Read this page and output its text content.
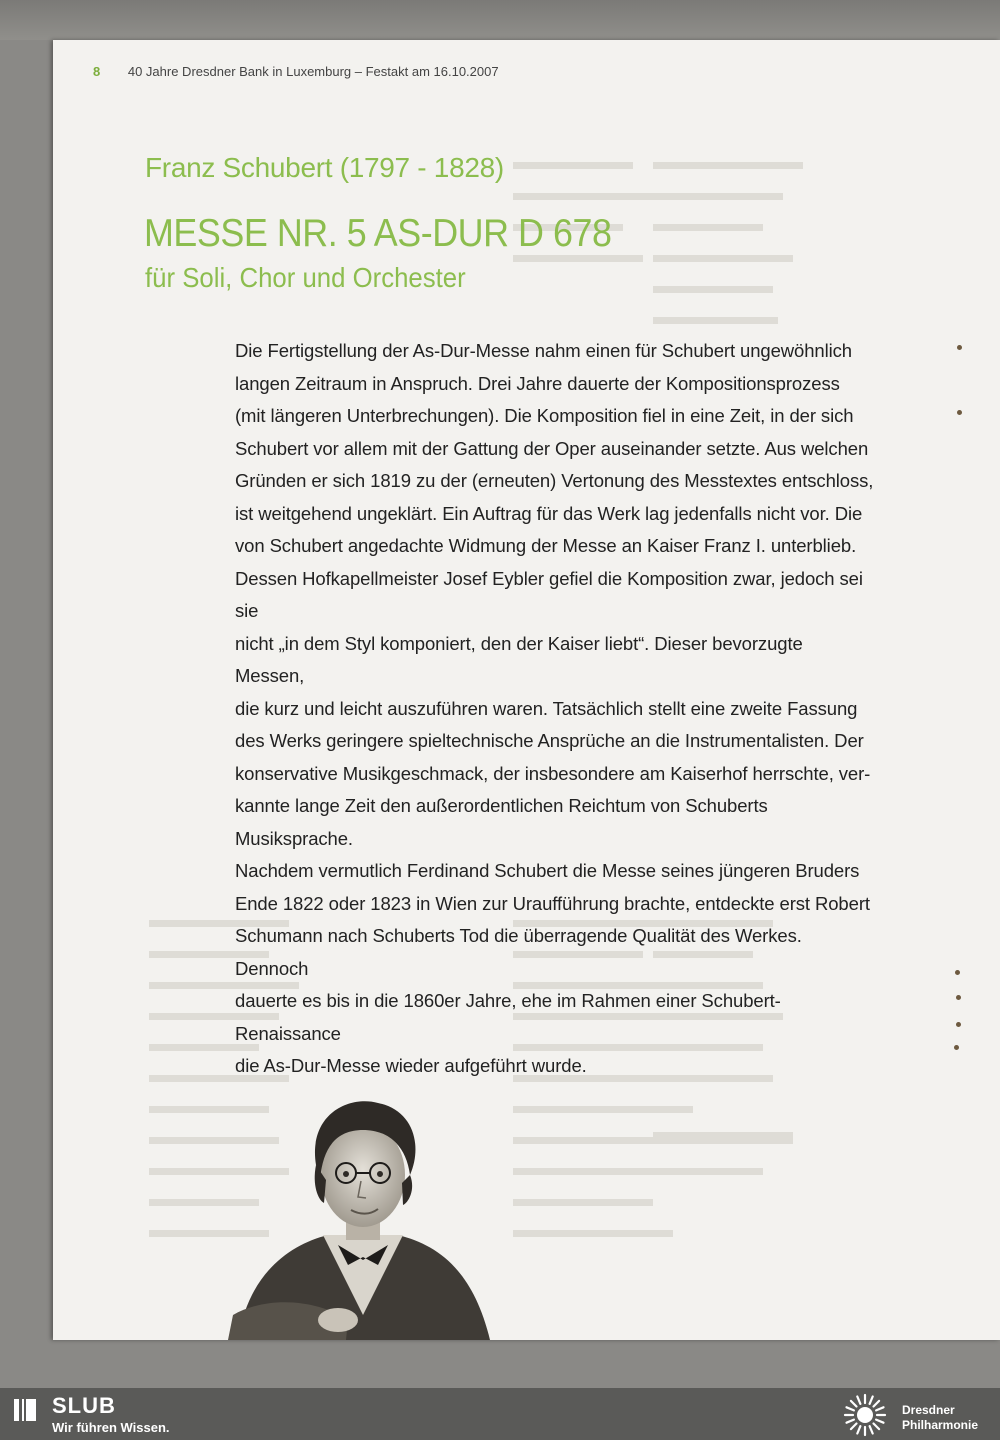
8 40 Jahre Dresdner Bank in Luxemburg – Festakt am 16.10.2007
Franz Schubert (1797 - 1828)
MESSE NR. 5 AS-DUR D 678
für Soli, Chor und Orchester
Die Fertigstellung der As-Dur-Messe nahm einen für Schubert ungewöhnlich
langen Zeitraum in Anspruch. Drei Jahre dauerte der Kompositionsprozess
(mit längeren Unterbrechungen). Die Komposition fiel in eine Zeit, in der sich
Schubert vor allem mit der Gattung der Oper auseinander setzte. Aus welchen
Gründen er sich 1819 zu der (erneuten) Vertonung des Messtextes entschloss,
ist weitgehend ungeklärt. Ein Auftrag für das Werk lag jedenfalls nicht vor. Die
von Schubert angedachte Widmung der Messe an Kaiser Franz I. unterblieb.
Dessen Hofkapellmeister Josef Eybler gefiel die Komposition zwar, jedoch sei sie
nicht „in dem Styl komponiert, den der Kaiser liebt“. Dieser bevorzugte Messen,
die kurz und leicht auszuführen waren. Tatsächlich stellt eine zweite Fassung
des Werks geringere spieltechnische Ansprüche an die Instrumentalisten. Der
konservative Musikgeschmack, der insbesondere am Kaiserhof herrschte, ver-
kannte lange Zeit den außerordentlichen Reichtum von Schuberts Musiksprache.
Nachdem vermutlich Ferdinand Schubert die Messe seines jüngeren Bruders
Ende 1822 oder 1823 in Wien zur Uraufführung brachte, entdeckte erst Robert
Schumann nach Schuberts Tod die überragende Qualität des Werkes. Dennoch
dauerte es bis in die 1860er Jahre, ehe im Rahmen einer Schubert-Renaissance
die As-Dur-Messe wieder aufgeführt wurde.
SLUB
Wir führen Wissen.
Dresdner
Philharmonie
